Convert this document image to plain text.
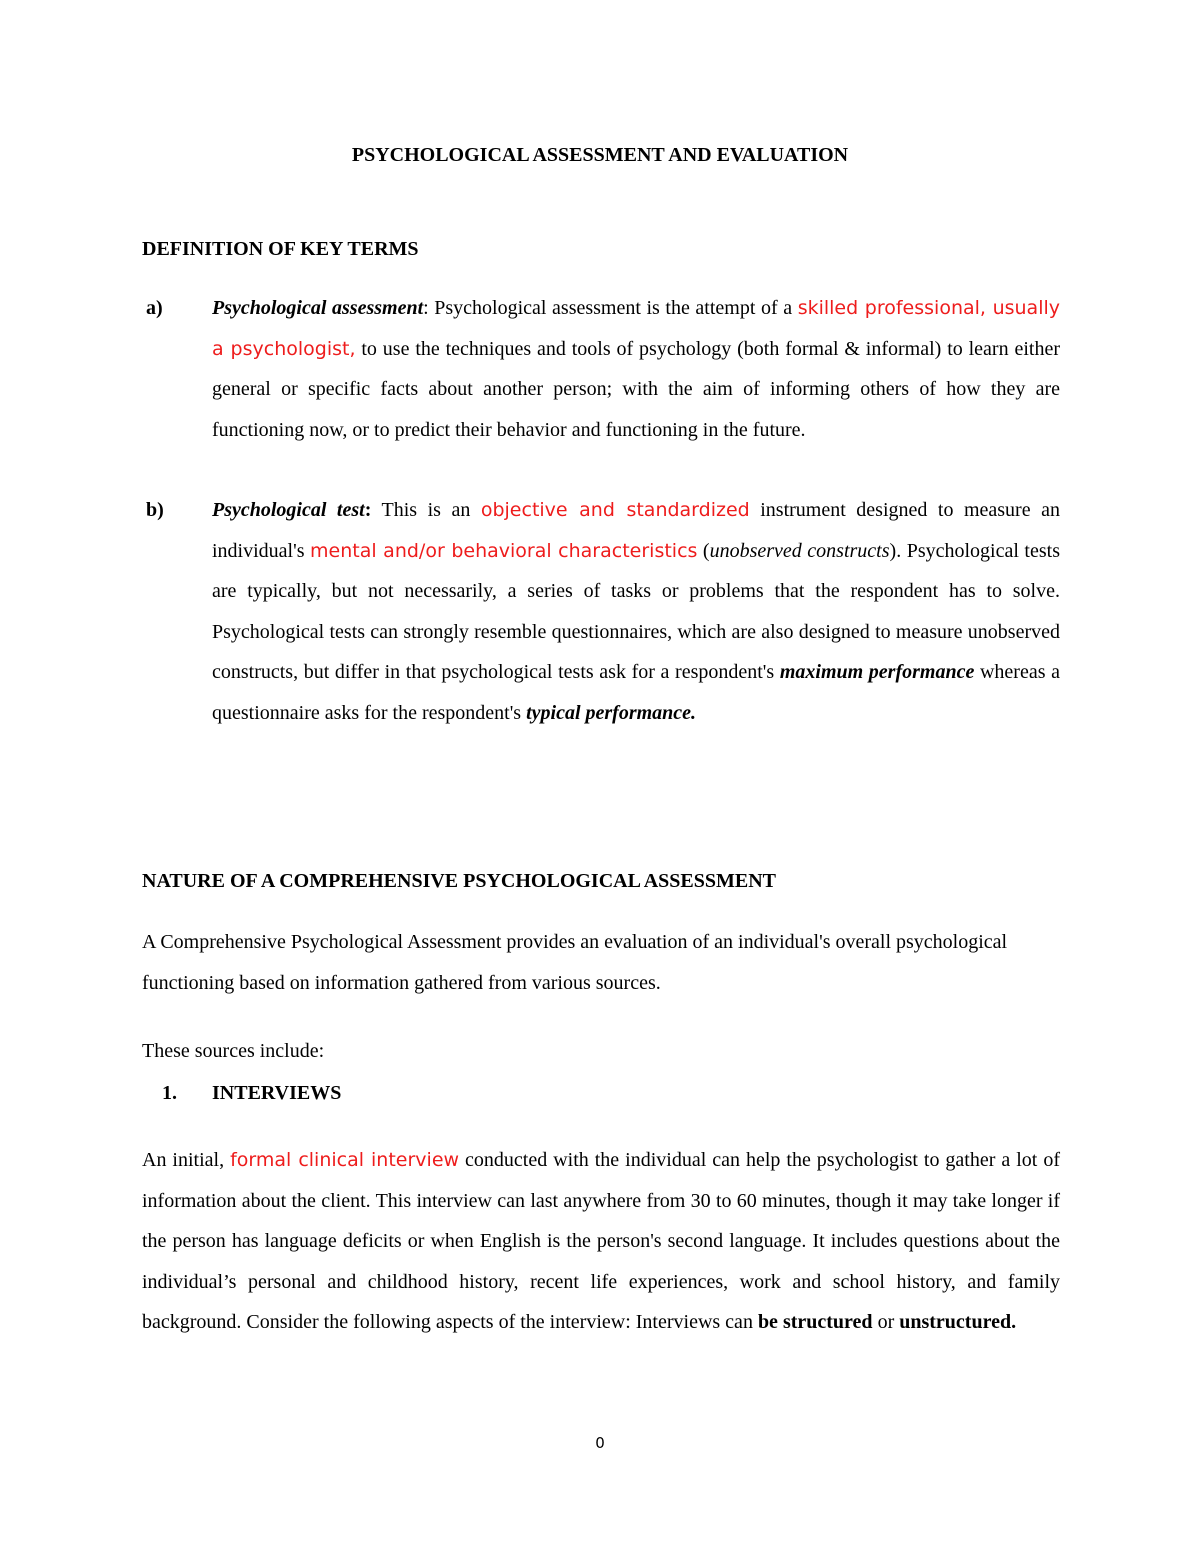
PSYCHOLOGICAL ASSESSMENT AND EVALUATION
DEFINITION OF KEY TERMS
a) Psychological assessment: Psychological assessment is the attempt of a skilled professional, usually a psychologist, to use the techniques and tools of psychology (both formal & informal) to learn either general or specific facts about another person; with the aim of informing others of how they are functioning now, or to predict their behavior and functioning in the future.
b) Psychological test: This is an objective and standardized instrument designed to measure an individual's mental and/or behavioral characteristics (unobserved constructs). Psychological tests are typically, but not necessarily, a series of tasks or problems that the respondent has to solve. Psychological tests can strongly resemble questionnaires, which are also designed to measure unobserved constructs, but differ in that psychological tests ask for a respondent's maximum performance whereas a questionnaire asks for the respondent's typical performance.
NATURE OF A COMPREHENSIVE PSYCHOLOGICAL ASSESSMENT
A Comprehensive Psychological Assessment provides an evaluation of an individual's overall psychological functioning based on information gathered from various sources.
These sources include:
1. INTERVIEWS
An initial, formal clinical interview conducted with the individual can help the psychologist to gather a lot of information about the client. This interview can last anywhere from 30 to 60 minutes, though it may take longer if the person has language deficits or when English is the person's second language. It includes questions about the individual’s personal and childhood history, recent life experiences, work and school history, and family background. Consider the following aspects of the interview: Interviews can be structured or unstructured.
0
